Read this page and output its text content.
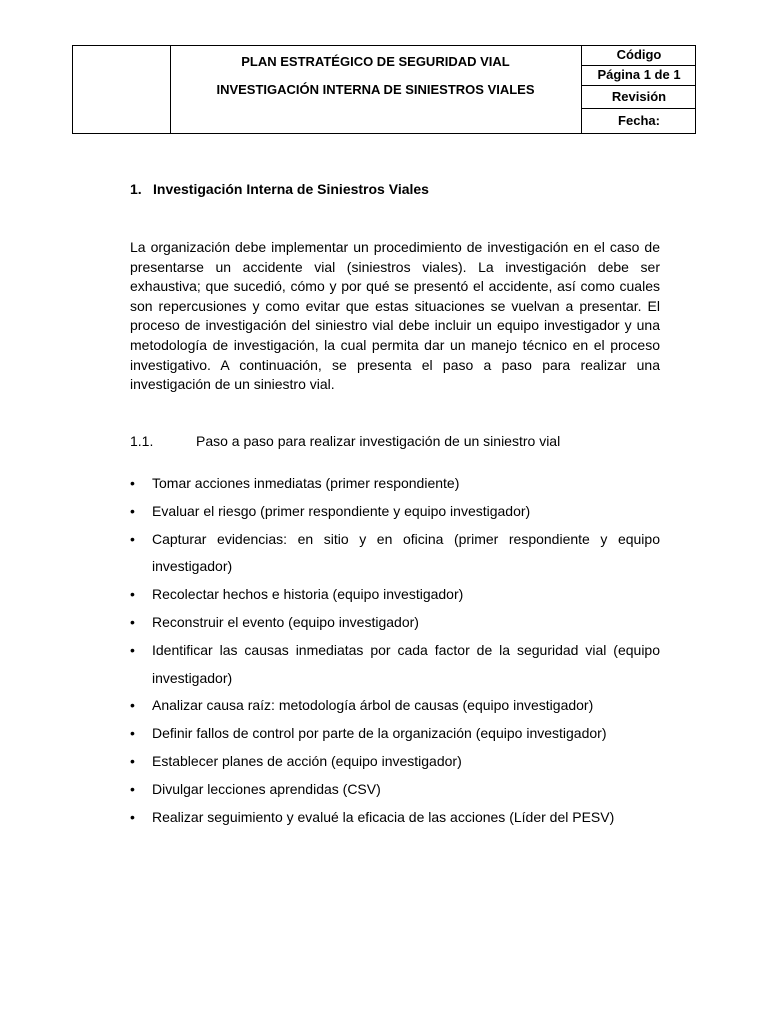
PLAN ESTRATÉGICO DE SEGURIDAD VIAL
INVESTIGACIÓN INTERNA DE SINIESTROS VIALES
Código
Página 1 de 1
Revisión
Fecha:
1. Investigación Interna de Siniestros Viales
La organización debe implementar un procedimiento de investigación en el caso de presentarse un accidente vial (siniestros viales). La investigación debe ser exhaustiva; que sucedió, cómo y por qué se presentó el accidente, así como cuales son repercusiones y como evitar que estas situaciones se vuelvan a presentar. El proceso de investigación del siniestro vial debe incluir un equipo investigador y una metodología de investigación, la cual permita dar un manejo técnico en el proceso investigativo. A continuación, se presenta el paso a paso para realizar una investigación de un siniestro vial.
1.1.	Paso a paso para realizar investigación de un siniestro vial
• Tomar acciones inmediatas (primer respondiente)
• Evaluar el riesgo (primer respondiente y equipo investigador)
• Capturar evidencias: en sitio y en oficina (primer respondiente y equipo investigador)
• Recolectar hechos e historia (equipo investigador)
• Reconstruir el evento (equipo investigador)
• Identificar las causas inmediatas por cada factor de la seguridad vial (equipo investigador)
• Analizar causa raíz: metodología árbol de causas (equipo investigador)
• Definir fallos de control por parte de la organización (equipo investigador)
• Establecer planes de acción (equipo investigador)
• Divulgar lecciones aprendidas (CSV)
• Realizar seguimiento y evalué la eficacia de las acciones (Líder del PESV)
